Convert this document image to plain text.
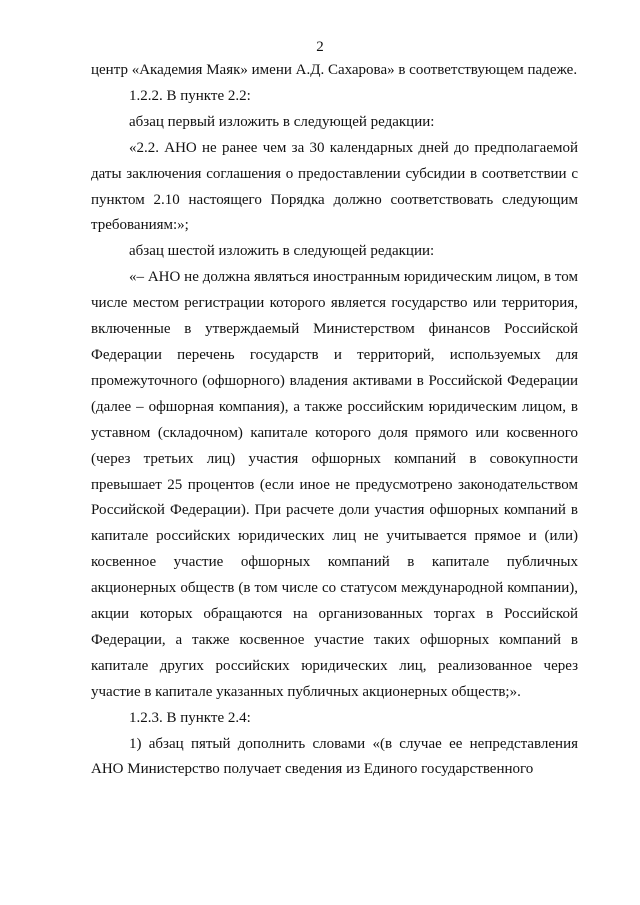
2

центр «Академия Маяк» имени А.Д. Сахарова» в соответствующем падеже.

1.2.2. В пункте 2.2:

абзац первый изложить в следующей редакции:

«2.2. АНО не ранее чем за 30 календарных дней до предполагаемой даты заключения соглашения о предоставлении субсидии в соответствии с пунктом 2.10 настоящего Порядка должно соответствовать следующим требованиям:»;

абзац шестой изложить в следующей редакции:

«– АНО не должна являться иностранным юридическим лицом, в том числе местом регистрации которого является государство или территория, включенные в утверждаемый Министерством финансов Российской Федерации перечень государств и территорий, используемых для промежуточного (офшорного) владения активами в Российской Федерации (далее – офшорная компания), а также российским юридическим лицом, в уставном (складочном) капитале которого доля прямого или косвенного (через третьих лиц) участия офшорных компаний в совокупности превышает 25 процентов (если иное не предусмотрено законодательством Российской Федерации). При расчете доли участия офшорных компаний в капитале российских юридических лиц не учитывается прямое и (или) косвенное участие офшорных компаний в капитале публичных акционерных обществ (в том числе со статусом международной компании), акции которых обращаются на организованных торгах в Российской Федерации, а также косвенное участие таких офшорных компаний в капитале других российских юридических лиц, реализованное через участие в капитале указанных публичных акционерных обществ;».

1.2.3. В пункте 2.4:

1) абзац пятый дополнить словами «(в случае ее непредставления АНО Министерство получает сведения из Единого государственного
